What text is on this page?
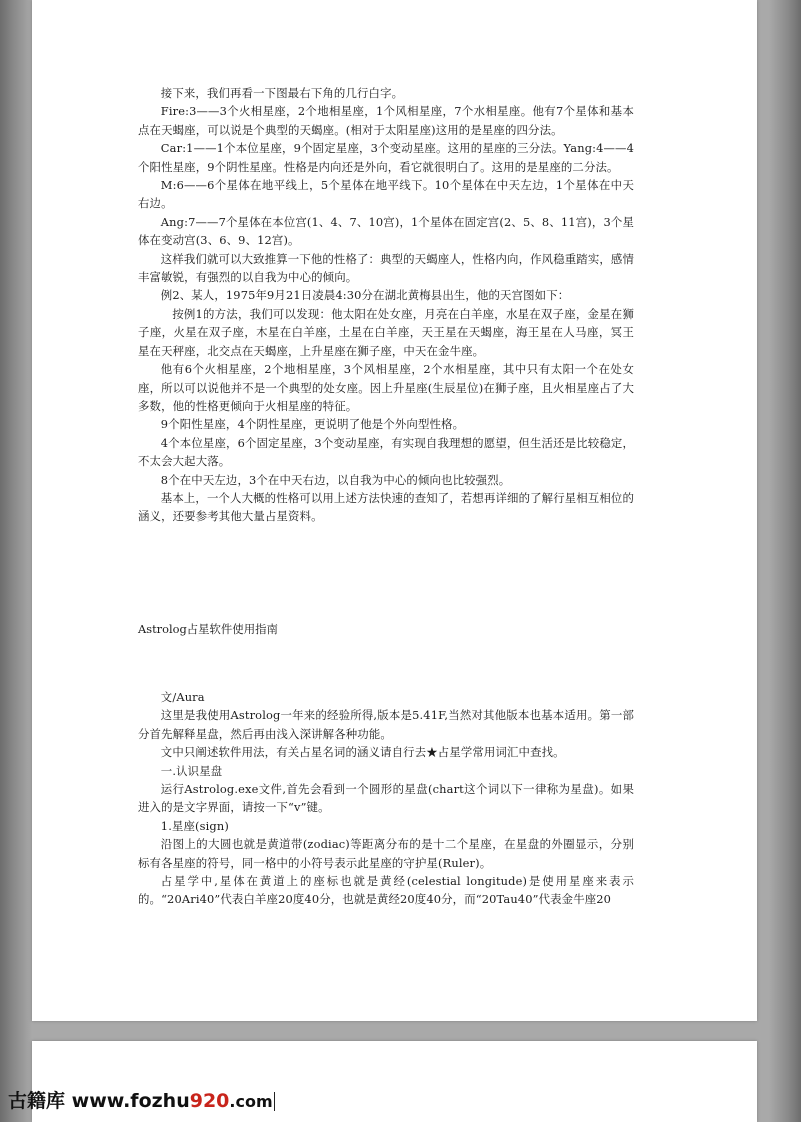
接下来，我们再看一下图最右下角的几行白字。

Fire:3——3个火相星座，2个地相星座，1个风相星座，7个水相星座。他有7个星体和基本点在天蝎座，可以说是个典型的天蝎座。(相对于太阳星座)这用的是星座的四分法。

Car:1——1个本位星座，9个固定星座，3个变动星座。这用的星座的三分法。Yang:4——4个阳性星座，9个阴性星座。性格是内向还是外向，看它就很明白了。这用的是星座的二分法。

M:6——6个星体在地平线上，5个星体在地平线下。10个星体在中天左边，1个星体在中天右边。

Ang:7——7个星体在本位宫(1、4、7、10宫)，1个星体在固定宫(2、5、8、11宫)，3个星体在变动宫(3、6、9、12宫)。

这样我们就可以大致推算一下他的性格了：典型的天蝎座人，性格内向，作风稳重踏实，感情丰富敏锐，有强烈的以自我为中心的倾向。

例2、某人，1975年9月21日凌晨4:30分在湖北黄梅县出生，他的天宫图如下：

按例1的方法，我们可以发现：他太阳在处女座，月亮在白羊座，水星在双子座，金星在狮子座，火星在双子座，木星在白羊座，土星在白羊座，天王星在天蝎座，海王星在人马座，冥王星在天秤座，北交点在天蝎座，上升星座在狮子座，中天在金牛座。

他有6个火相星座，2个地相星座，3个风相星座，2个水相星座，其中只有太阳一个在处女座，所以可以说他并不是一个典型的处女座。因上升星座(生辰星位)在狮子座，且火相星座占了大多数，他的性格更倾向于火相星座的特征。

9个阳性星座，4个阴性星座，更说明了他是个外向型性格。

4个本位星座，6个固定星座，3个变动星座，有实现自我理想的愿望，但生活还是比较稳定，不太会大起大落。

8个在中天左边，3个在中天右边，以自我为中心的倾向也比较强烈。

基本上，一个人大概的性格可以用上述方法快速的查知了，若想再详细的了解行星相互相位的涵义，还要参考其他大量占星资料。

Astrolog占星软件使用指南

文/Aura

这里是我使用Astrolog一年来的经验所得,版本是5.41F,当然对其他版本也基本适用。第一部分首先解释星盘，然后再由浅入深讲解各种功能。

文中只阐述软件用法，有关占星名词的涵义请自行去★占星学常用词汇中查找。

一.认识星盘

运行Astrolog.exe文件,首先会看到一个圆形的星盘(chart这个词以下一律称为星盘)。如果进入的是文字界面，请按一下“v”键。

1.星座(sign)

沿图上的大圆也就是黄道带(zodiac)等距离分布的是十二个星座，在星盘的外圈显示，分别标有各星座的符号，同一格中的小符号表示此星座的守护星(Ruler)。

占星学中,星体在黄道上的座标也就是黄经(celestial longitude)是使用星座来表示的。“20Ari40”代表白羊座20度40分，也就是黄经20度40分，而“20Tau40”代表金牛座20

古籍库 www.fozhu920.com
